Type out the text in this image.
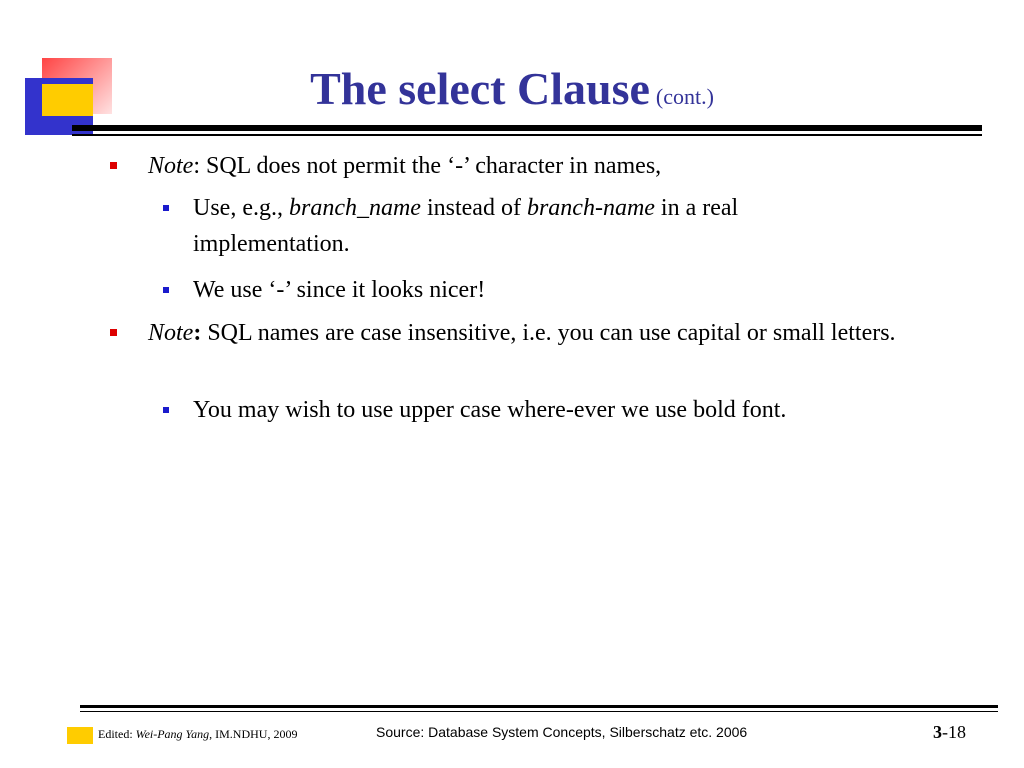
The select Clause (cont.)
Note: SQL does not permit the ‘-’ character in names,
Use, e.g., branch_name instead of branch-name in a real implementation.
We use ‘-’ since it looks nicer!
Note: SQL names are case insensitive, i.e. you can use capital or small letters.
You may wish to use upper case where-ever we use bold font.
Edited: Wei-Pang Yang, IM.NDHU, 2009	Source: Database System Concepts, Silberschatz etc. 2006	3-18
